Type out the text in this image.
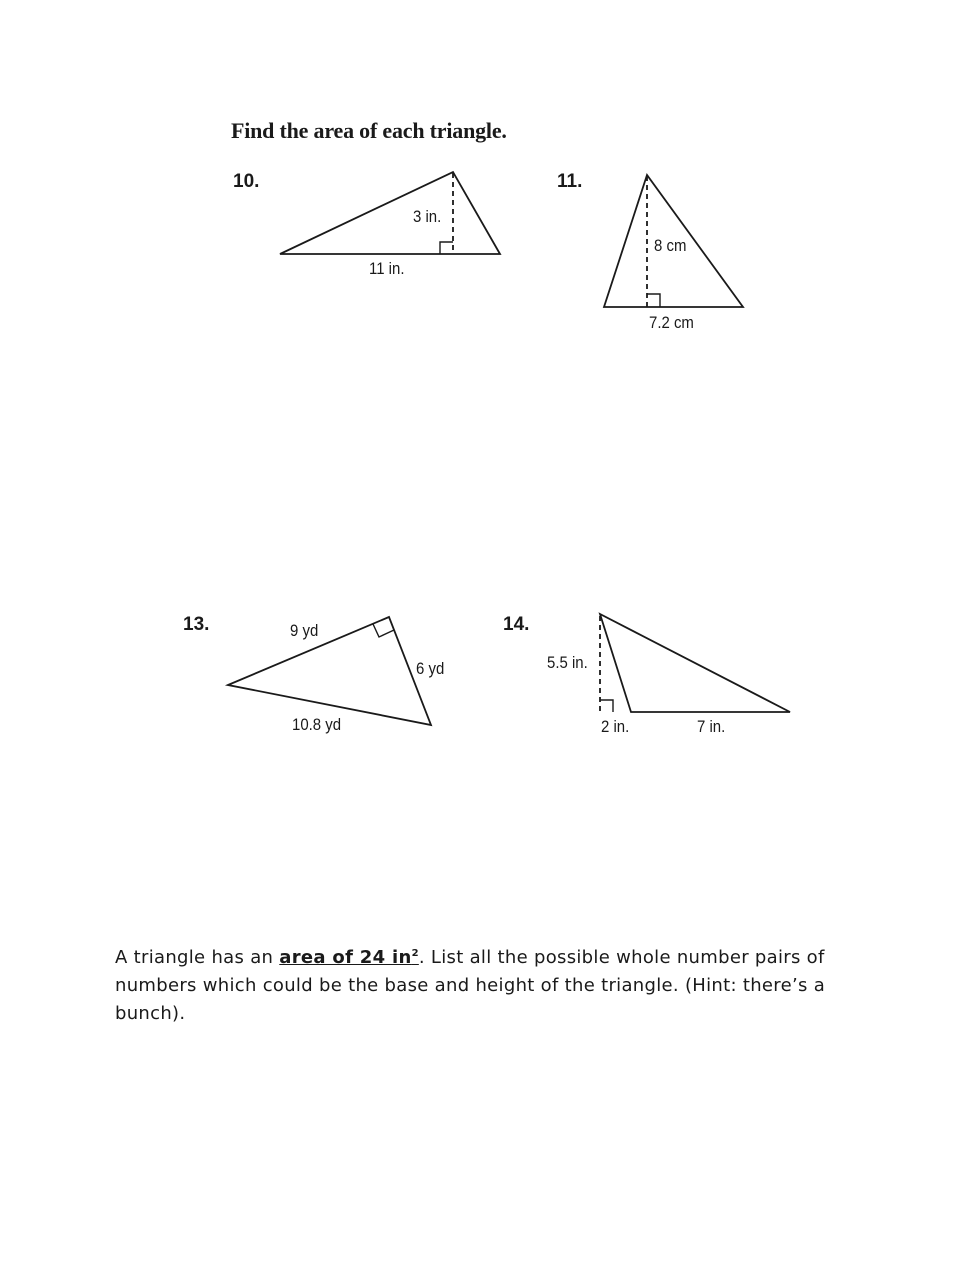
Find the area of each triangle.
10.	11.
13.	14.
3 in.
11 in.
8 cm
7.2 cm
9 yd
6 yd
10.8 yd
5.5 in.
2 in.	7 in.
A triangle has an area of 24 $in^2$. List all the possible whole number pairs of numbers which could be the base and height of the triangle. (Hint: there’s a bunch).
